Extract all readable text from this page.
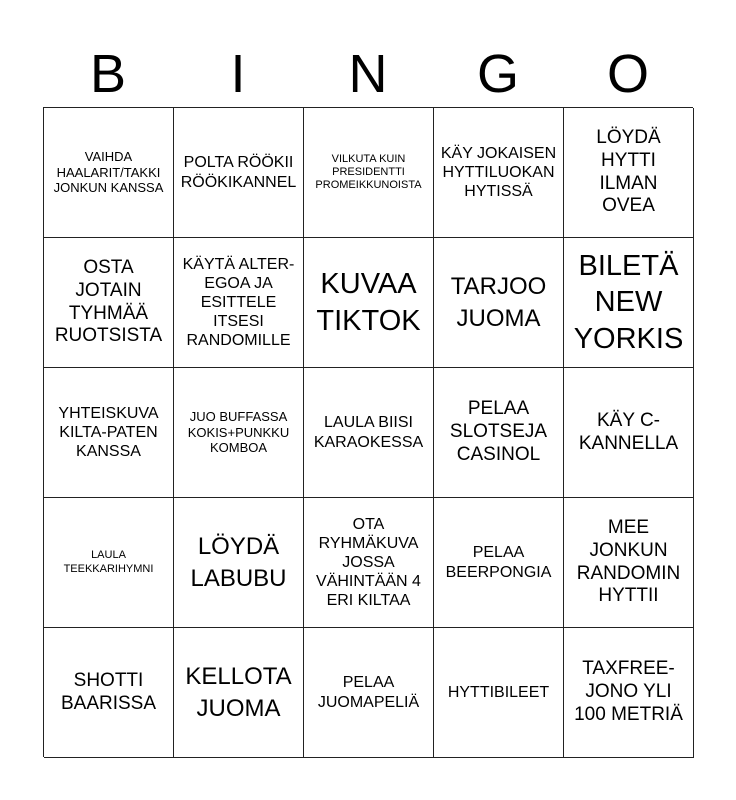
B	I	N	G	O
VAIHDA HAALARIT/TAKKI JONKUN KANSSA
POLTA RÖÖKII RÖÖKIKANNEL
VILKUTA KUIN PRESIDENTTI PROMEIKKUNOISTA
KÄY JOKAISEN HYTTILUOKAN HYTISSÄ
LÖYDÄ HYTTI ILMAN OVEA
OSTA JOTAIN TYHMÄÄ RUOTSISTA
KÄYTÄ ALTER-EGOA JA ESITTELE ITSESI RANDOMILLE
KUVAA TIKTOK
TARJOO JUOMA
BILETÄ NEW YORKIS
YHTEISKUVA KILTA-PATEN KANSSA
JUO BUFFASSA KOKIS+PUNKKU KOMBOA
LAULA BIISI KARAOKESSA
PELAA SLOTSEJA CASINOL
KÄY C-KANNELLA
LAULA TEEKKARIHYMNI
LÖYDÄ LABUBU
OTA RYHMÄKUVA JOSSA VÄHINTÄÄN 4 ERI KILTAA
PELAA BEERPONGIA
MEE JONKUN RANDOMIN HYTTII
SHOTTI BAARISSA
KELLOTA JUOMA
PELAA JUOMAPELIÄ
HYTTIBILEET
TAXFREE-JONO YLI 100 METRIÄ
